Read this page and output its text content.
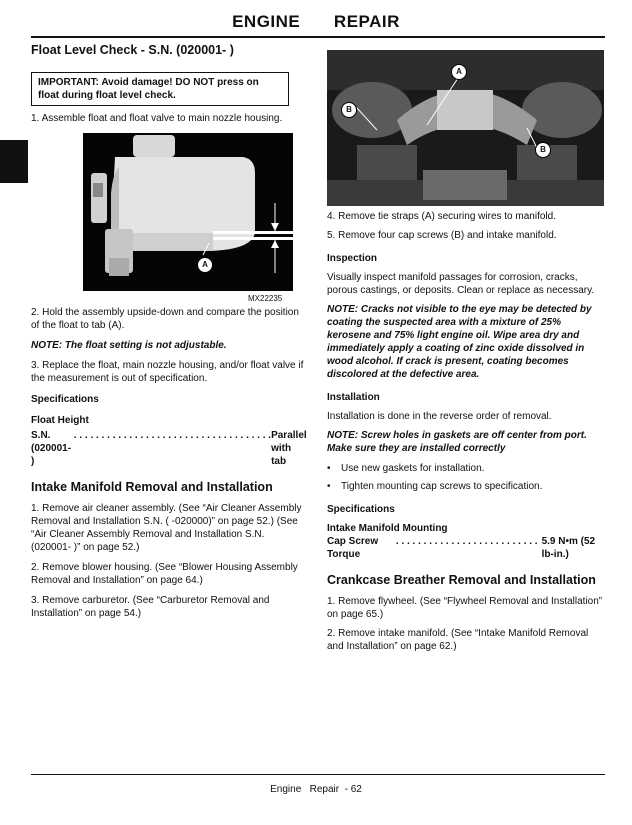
ENGINE   REPAIR

Float Level Check - S.N. (020001- )

IMPORTANT: Avoid damage! DO NOT press on float during float level check.

1. Assemble float and float valve to main nozzle housing.

A
MX22235

2. Hold the assembly upside-down and compare the position of the float to tab (A).

NOTE: The float setting is not adjustable.

3. Replace the float, main nozzle housing, and/or float valve if the measurement is out of specification.

Specifications

Float Height

S.N. (020001- )
. . . . . . . . . . . . . . . . . . . . . . . . . . . . . . . . . . . . Parallel with tab

Intake Manifold Removal and Installation

1. Remove air cleaner assembly. (See “Air Cleaner Assembly Removal and Installation S.N. ( -020000)” on page 52.) (See “Air Cleaner Assembly Removal and Installation S.N. (020001- )” on page 52.)

2. Remove blower housing. (See “Blower Housing Assembly Removal and Installation” on page 64.)

3. Remove carburetor. (See “Carburetor Removal and Installation” on page 54.)

A
B
B

4. Remove tie straps (A) securing wires to manifold.

5. Remove four cap screws (B) and intake manifold.

Inspection

Visually inspect manifold passages for corrosion, cracks, porous castings, or deposits. Clean or replace as necessary.

NOTE: Cracks not visible to the eye may be detected by coating the suspected area with a mixture of 25% kerosene and 75% light engine oil. Wipe area dry and immediately apply a coating of zinc oxide dissolved in wood alcohol. If crack is present, coating becomes discolored at the defective area.

Installation

Installation is done in the reverse order of removal.

NOTE: Screw holes in gaskets are off center from port. Make sure they are installed correctly

• Use new gaskets for installation.
• Tighten mounting cap screws to specification.

Specifications

Intake Manifold Mounting

Cap Screw Torque
. . . . . . . . . . . . . . . . . . . . . . . . . . 5.9 N•m (52 lb-in.)

Crankcase Breather Removal and Installation

1. Remove flywheel. (See “Flywheel Removal and Installation” on page 65.)

2. Remove intake manifold. (See “Intake Manifold Removal and Installation” on page 62.)

Engine   Repair  - 62
